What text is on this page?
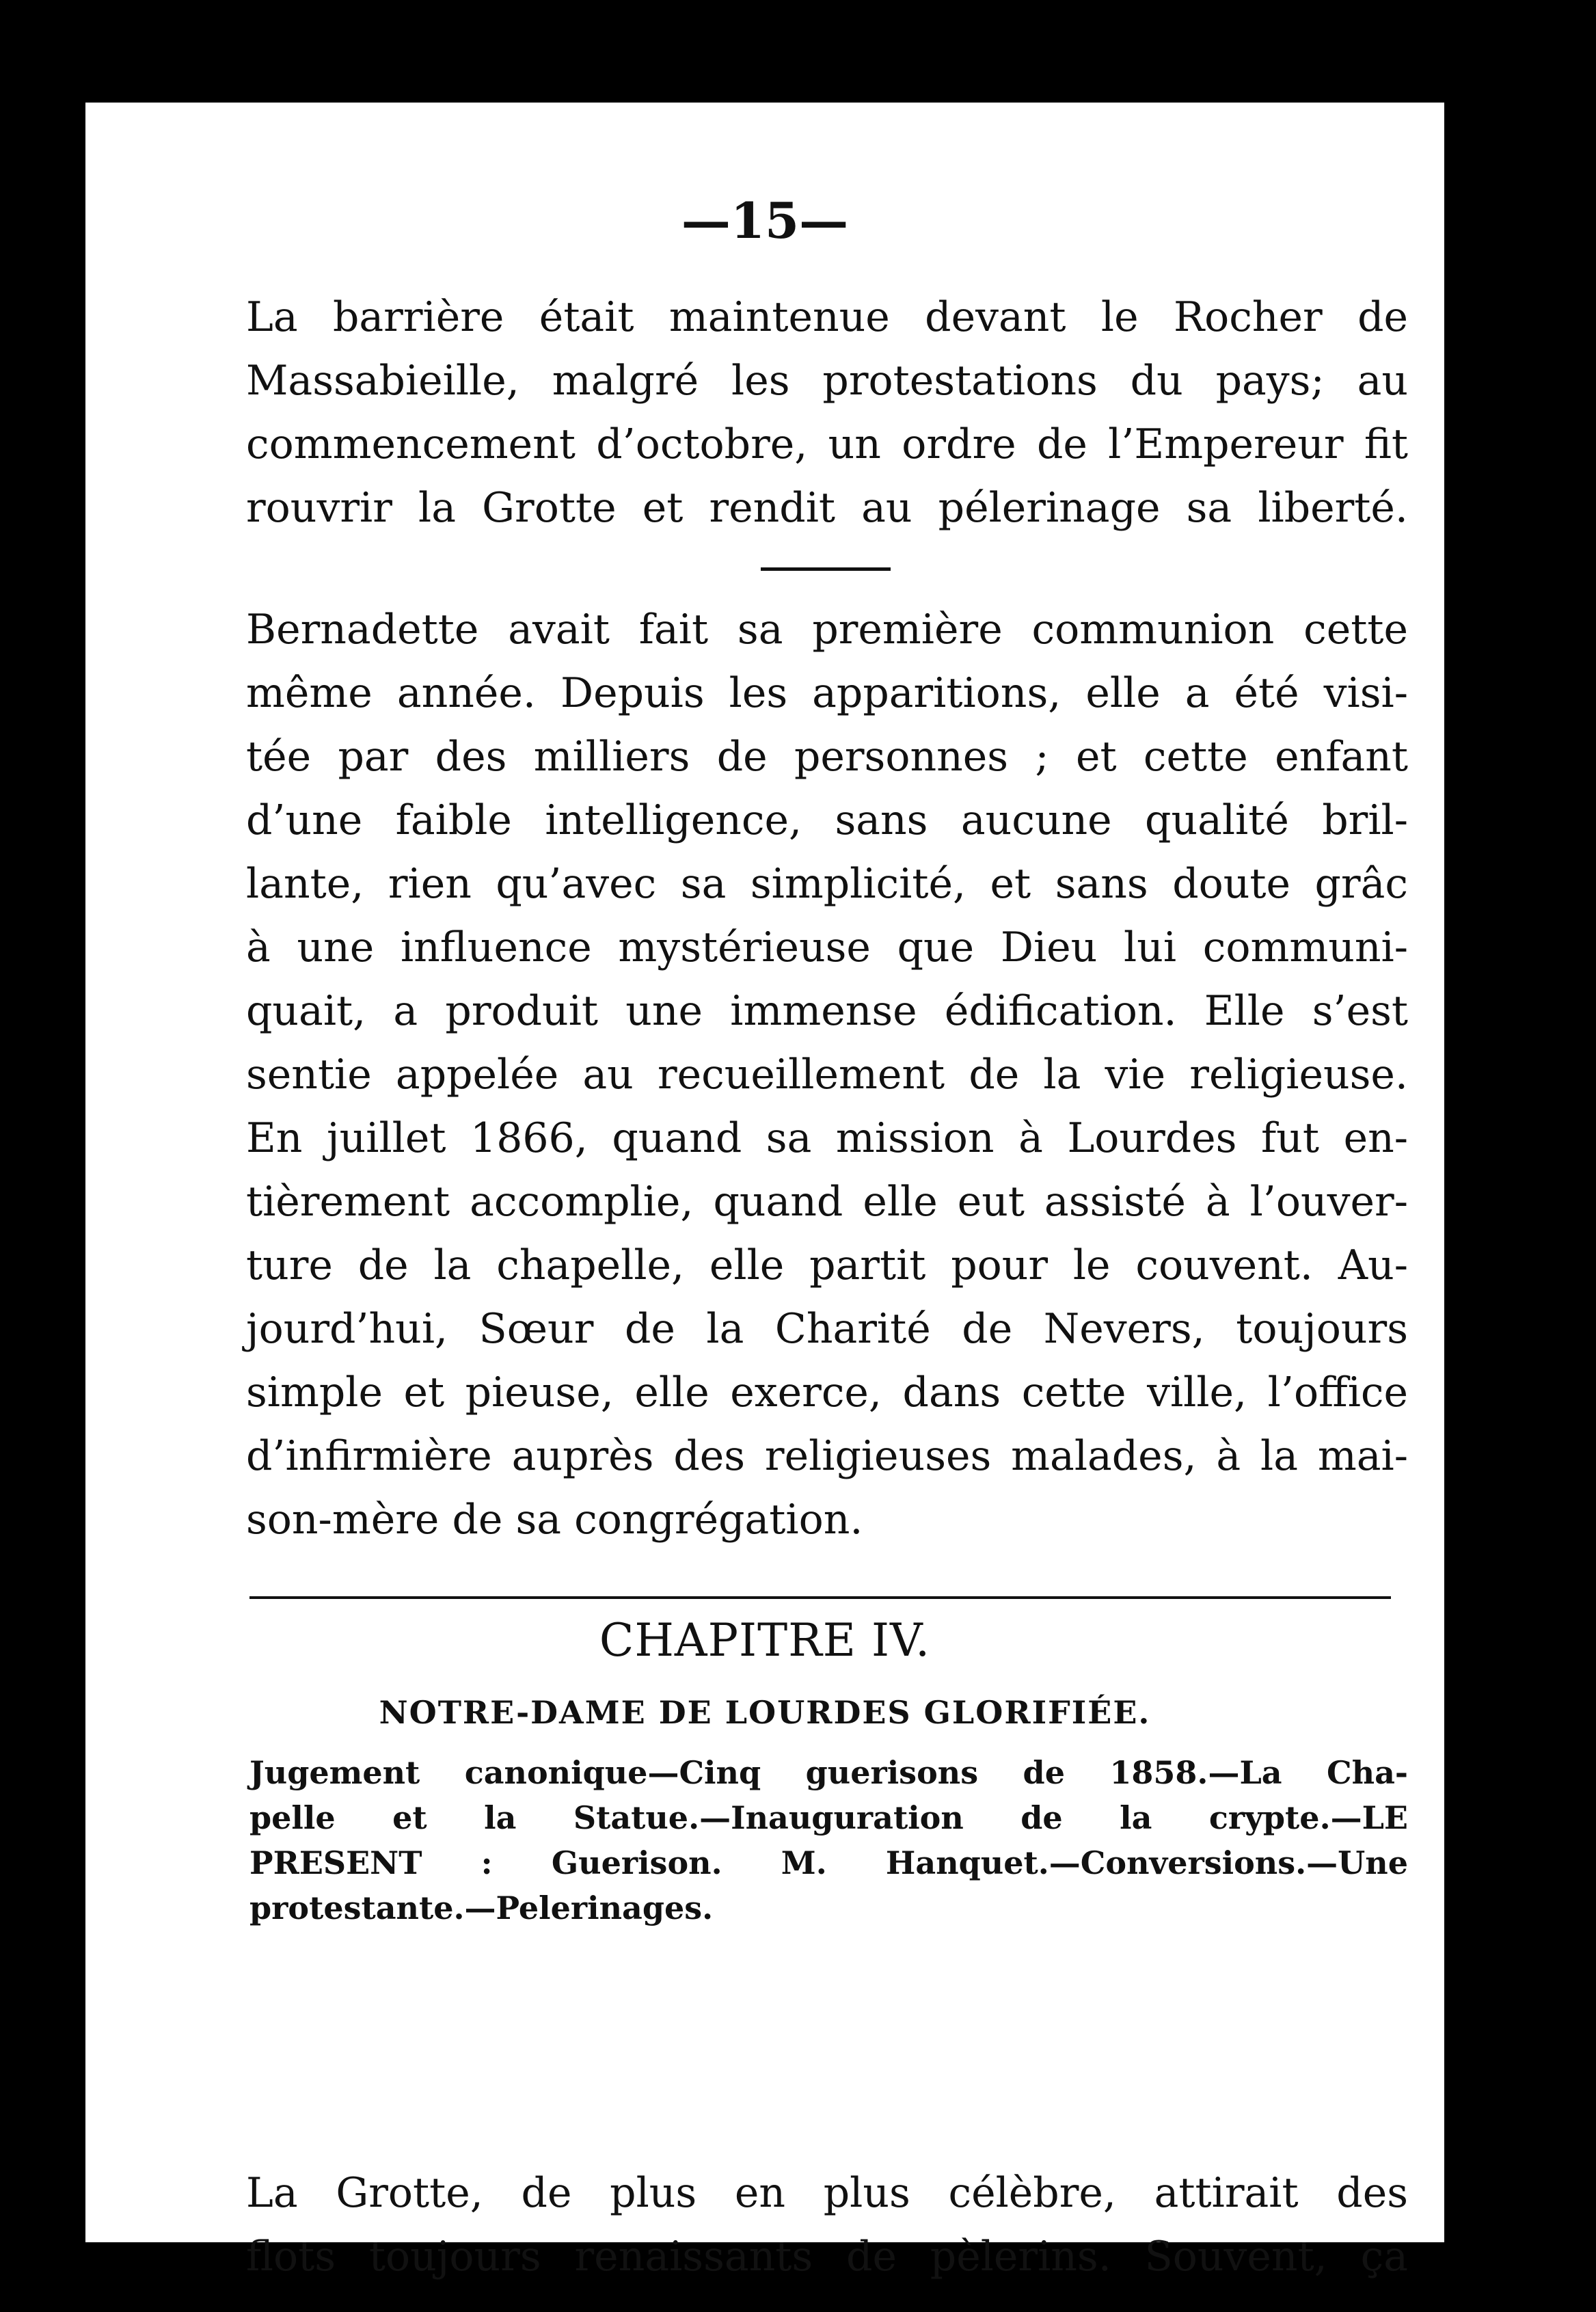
—15—
La barrière était maintenue devant le Rocher de
Massabieille, malgré les protestations du pays; au
commencement d’octobre, un ordre de l’Empereur fit
rouvrir la Grotte et rendit au pélerinage sa liberté.
Bernadette avait fait sa première communion cette
même année. Depuis les apparitions, elle a été visi-
tée par des milliers de personnes ; et cette enfant
d’une faible intelligence, sans aucune qualité bril-
lante, rien qu’avec sa simplicité, et sans doute grâc
à une influence mystérieuse que Dieu lui communi-
quait, a produit une immense édification. Elle s’est
sentie appelée au recueillement de la vie religieuse.
En juillet 1866, quand sa mission à Lourdes fut en-
tièrement accomplie, quand elle eut assisté à l’ouver-
ture de la chapelle, elle partit pour le couvent. Au-
jourd’hui, Sœur de la Charité de Nevers, toujours
simple et pieuse, elle exerce, dans cette ville, l’office
d’infirmière auprès des religieuses malades, à la mai-
son-mère de sa congrégation.
CHAPITRE IV.
NOTRE-DAME DE LOURDES GLORIFIÉE.
Jugement canonique—Cinq guerisons de 1858.—La Cha-
pelle et la Statue.—Inauguration de la crypte.—LE
PRESENT : Guerison. M. Hanquet.—Conversions.—Une
protestante.—Pelerinages.
La Grotte, de plus en plus célèbre, attirait des
flots toujours renaissants de pèlerins. Souvent, ça
